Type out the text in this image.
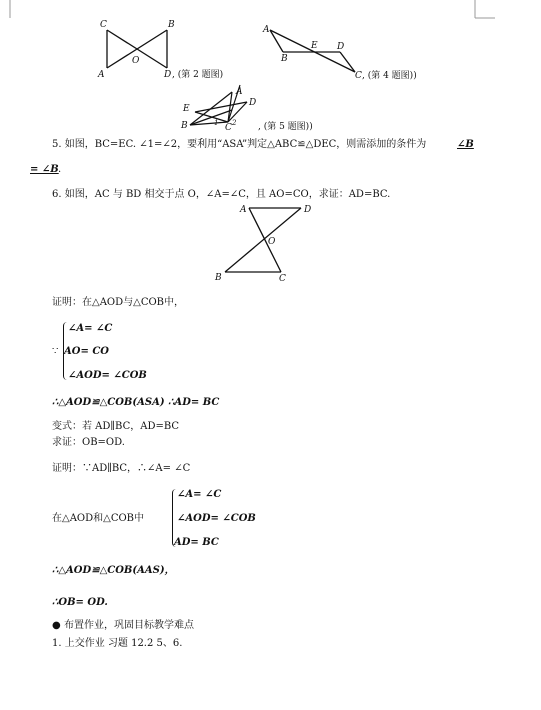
C	B
O
A	D , (第 2 题图)
A
E D
B
C , (第 4 题图))
A
E
D
B	C
1 2 , (第 5 题图))
5. 如图，BC=EC. ∠1=∠2，要利用“ASA”判定△ABC≌△DEC，则需添加的条件为	∠B
= ∠B .
6. 如图，AC 与 BD 相交于点 O，∠A=∠C，且 AO=CO，求证：AD=BC.
A	D
O
B	C
证明：在△AOD与△COB中，
∵
∠A= ∠C
AO= CO
∠AOD= ∠COB
∴△AOD≌△COB(ASA) ∴AD= BC
变式：若 AD∥BC，AD=BC
求证：OB=OD.
证明：∵AD∥BC，∴∠A= ∠C
在△AOD和△COB中
∠A= ∠C
∠AOD= ∠COB
AD= BC
∴△AOD≌△COB(AAS)，
∴OB= OD.
● 布置作业，巩固目标教学难点
1. 上交作业 习题 12.2 5、6.
